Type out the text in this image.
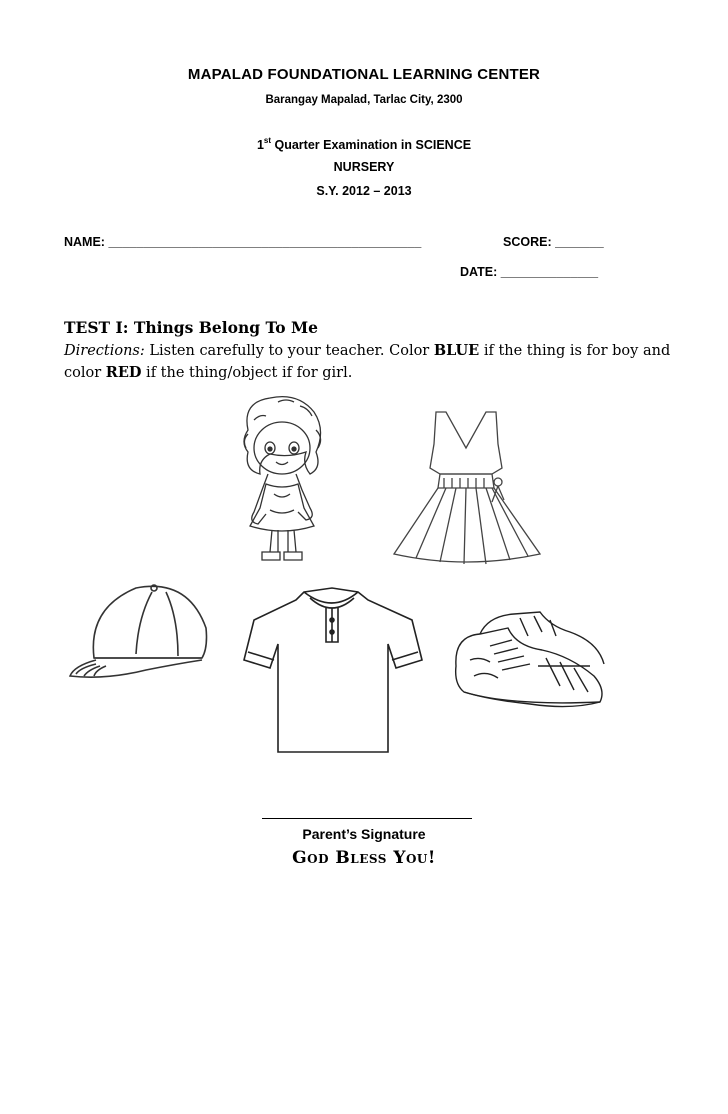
MAPALAD FOUNDATIONAL LEARNING CENTER
Barangay Mapalad, Tarlac City, 2300
1st Quarter Examination in SCIENCE
NURSERY
S.Y. 2012 – 2013
NAME: _____________________________________________	SCORE: _______
DATE: ______________
TEST I: Things Belong To Me
Directions: Listen carefully to your teacher. Color BLUE if the thing is for boy and color RED if the thing/object if for girl.
Parent’s Signature
God Bless You!
